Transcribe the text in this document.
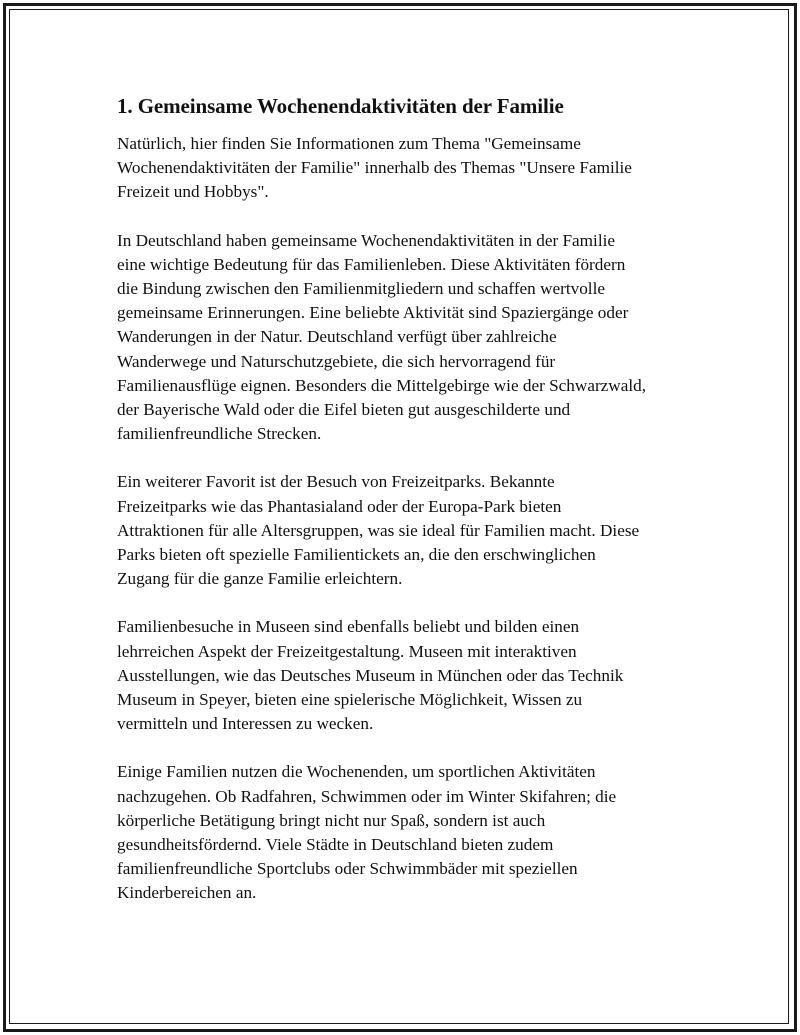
1. Gemeinsame Wochenendaktivitäten der Familie

Natürlich, hier finden Sie Informationen zum Thema "Gemeinsame
Wochenendaktivitäten der Familie" innerhalb des Themas "Unsere Familie
Freizeit und Hobbys".

In Deutschland haben gemeinsame Wochenendaktivitäten in der Familie
eine wichtige Bedeutung für das Familienleben. Diese Aktivitäten fördern
die Bindung zwischen den Familienmitgliedern und schaffen wertvolle
gemeinsame Erinnerungen. Eine beliebte Aktivität sind Spaziergänge oder
Wanderungen in der Natur. Deutschland verfügt über zahlreiche
Wanderwege und Naturschutzgebiete, die sich hervorragend für
Familienausflüge eignen. Besonders die Mittelgebirge wie der Schwarzwald,
der Bayerische Wald oder die Eifel bieten gut ausgeschilderte und
familienfreundliche Strecken.

Ein weiterer Favorit ist der Besuch von Freizeitparks. Bekannte
Freizeitparks wie das Phantasialand oder der Europa-Park bieten
Attraktionen für alle Altersgruppen, was sie ideal für Familien macht. Diese
Parks bieten oft spezielle Familientickets an, die den erschwinglichen
Zugang für die ganze Familie erleichtern.

Familienbesuche in Museen sind ebenfalls beliebt und bilden einen
lehrreichen Aspekt der Freizeitgestaltung. Museen mit interaktiven
Ausstellungen, wie das Deutsches Museum in München oder das Technik
Museum in Speyer, bieten eine spielerische Möglichkeit, Wissen zu
vermitteln und Interessen zu wecken.

Einige Familien nutzen die Wochenenden, um sportlichen Aktivitäten
nachzugehen. Ob Radfahren, Schwimmen oder im Winter Skifahren; die
körperliche Betätigung bringt nicht nur Spaß, sondern ist auch
gesundheitsfördernd. Viele Städte in Deutschland bieten zudem
familienfreundliche Sportclubs oder Schwimmbäder mit speziellen
Kinderbereichen an.
